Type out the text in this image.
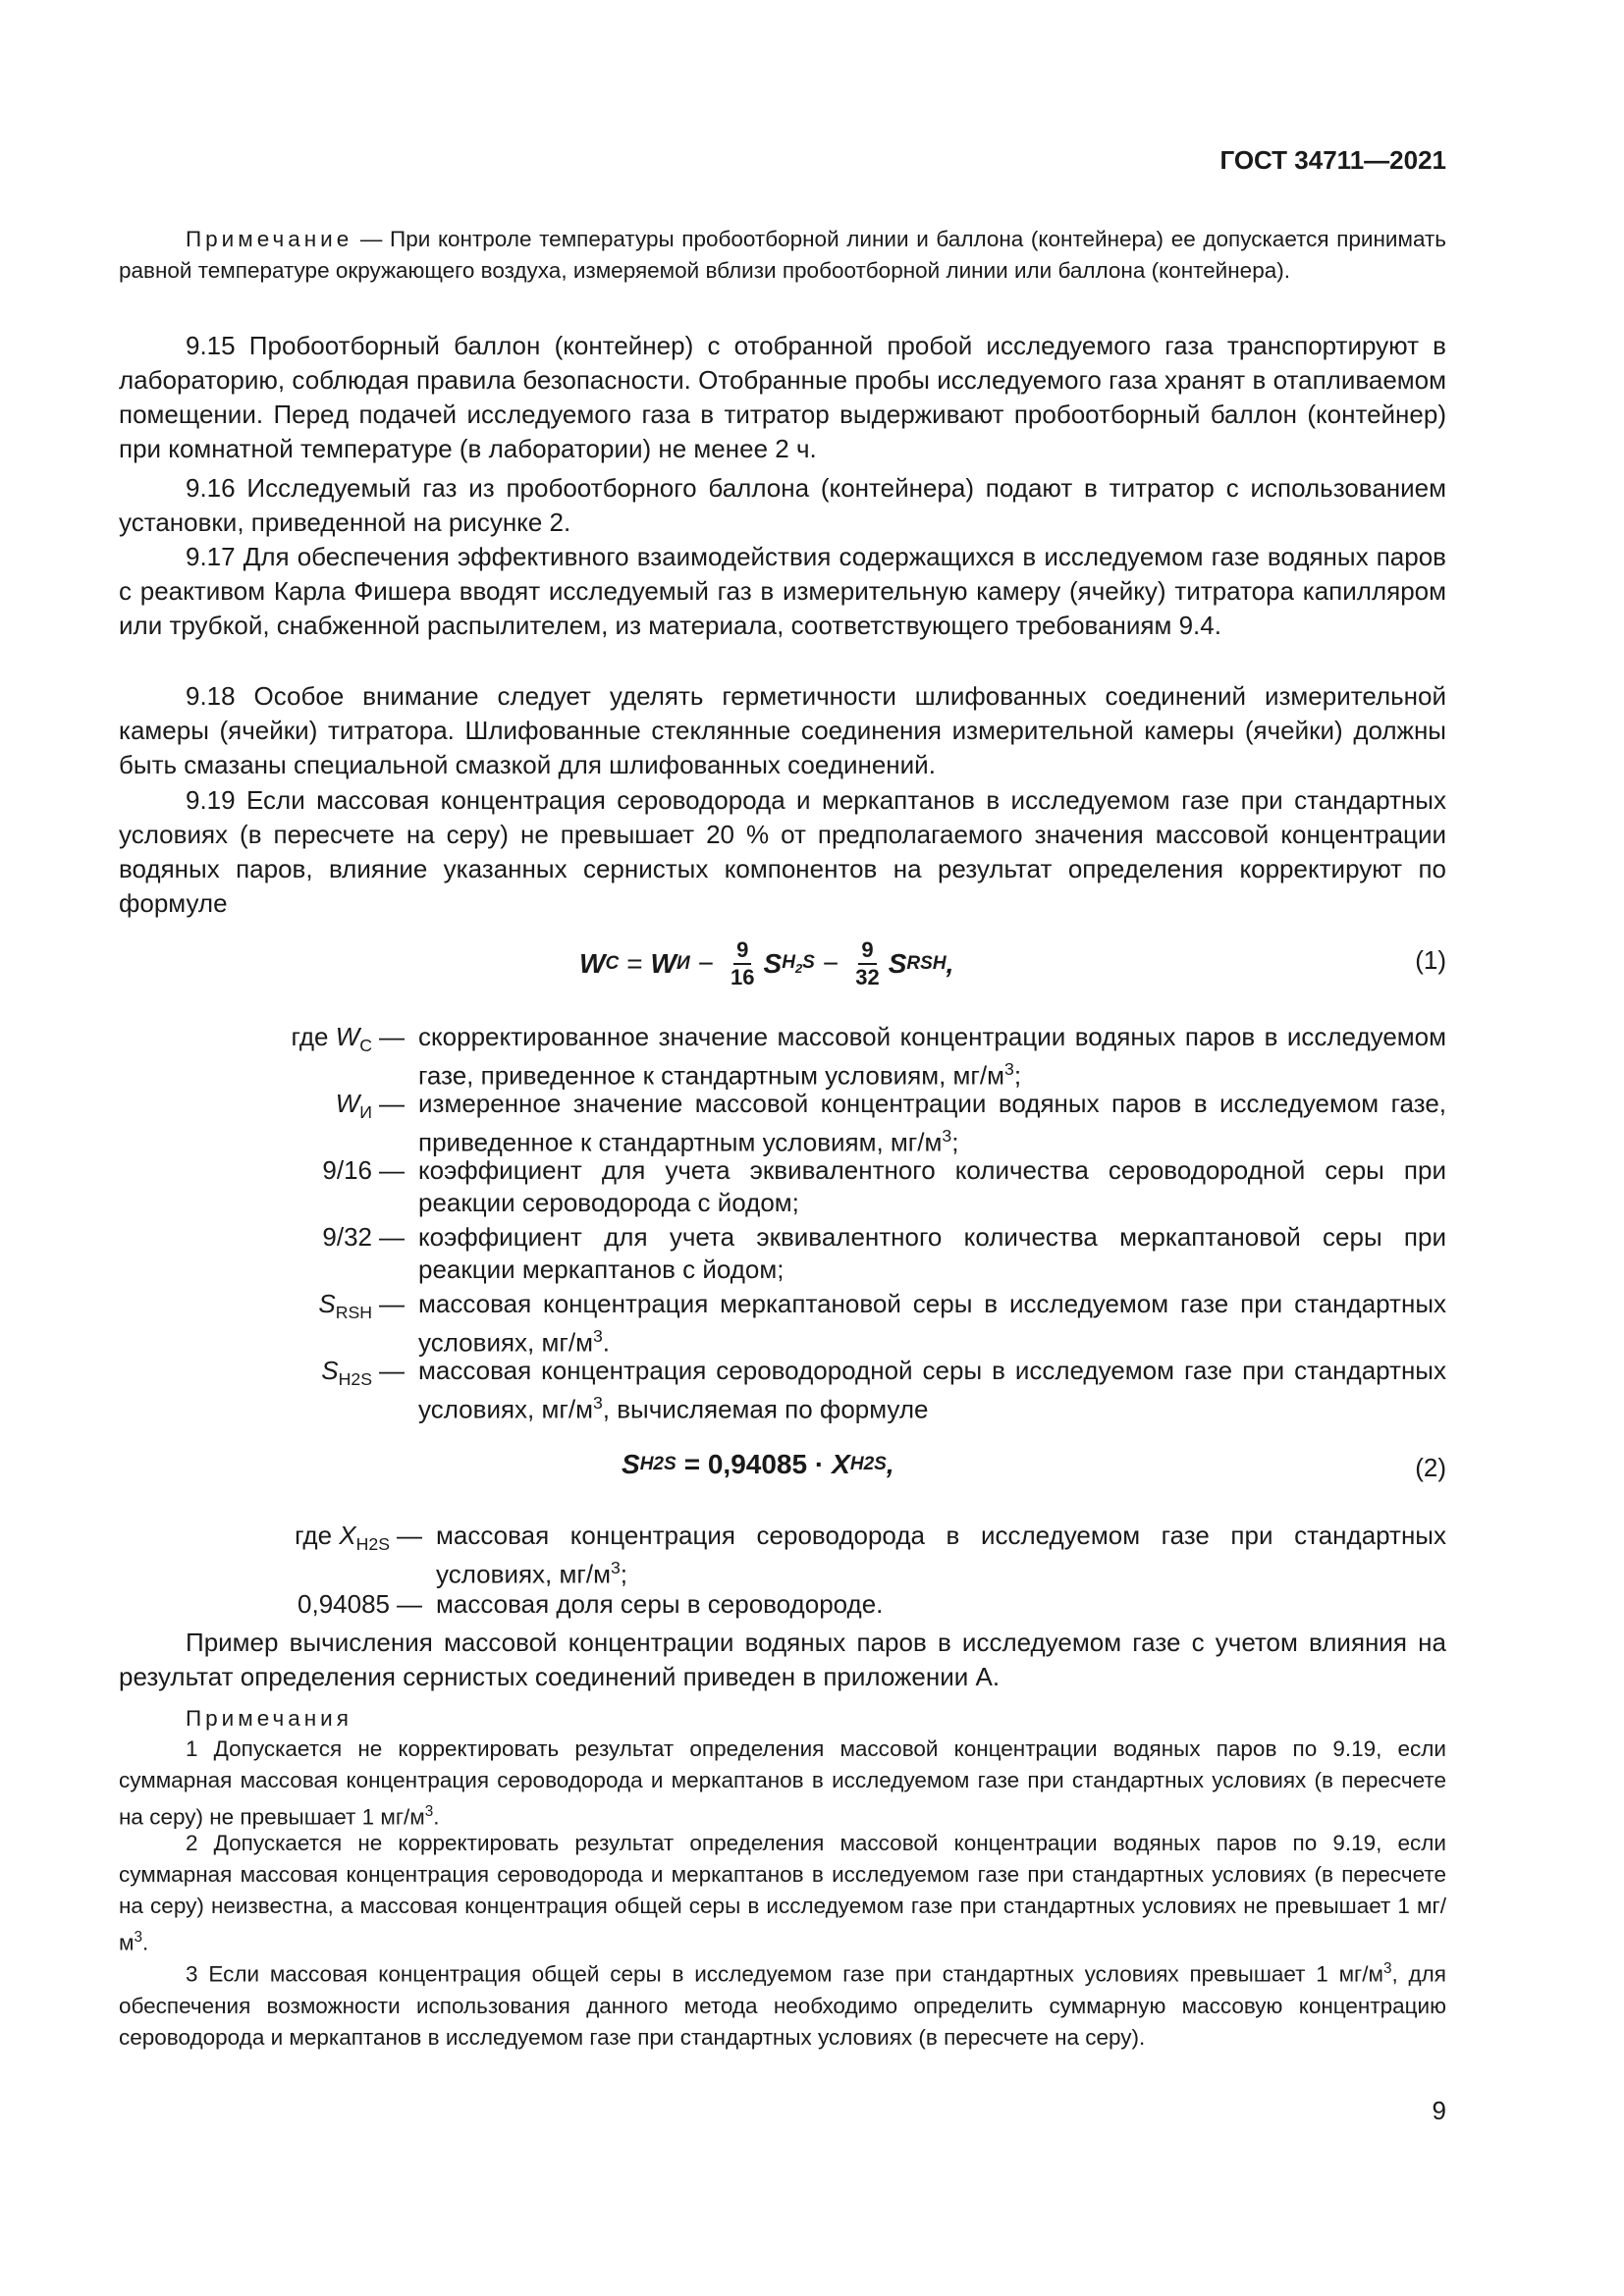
ГОСТ 34711—2021
Примечание — При контроле температуры пробоотборной линии и баллона (контейнера) ее допускается принимать равной температуре окружающего воздуха, измеряемой вблизи пробоотборной линии или баллона (контейнера).
9.15 Пробоотборный баллон (контейнер) с отобранной пробой исследуемого газа транспортируют в лабораторию, соблюдая правила безопасности. Отобранные пробы исследуемого газа хранят в отапливаемом помещении. Перед подачей исследуемого газа в титратор выдерживают пробоотборный баллон (контейнер) при комнатной температуре (в лаборатории) не менее 2 ч.
9.16 Исследуемый газ из пробоотборного баллона (контейнера) подают в титратор с использованием установки, приведенной на рисунке 2.
9.17 Для обеспечения эффективного взаимодействия содержащихся в исследуемом газе водяных паров с реактивом Карла Фишера вводят исследуемый газ в измерительную камеру (ячейку) титратора капилляром или трубкой, снабженной распылителем, из материала, соответствующего требованиям 9.4.
9.18 Особое внимание следует уделять герметичности шлифованных соединений измерительной камеры (ячейки) титратора. Шлифованные стеклянные соединения измерительной камеры (ячейки) должны быть смазаны специальной смазкой для шлифованных соединений.
9.19 Если массовая концентрация сероводорода и меркаптанов в исследуемом газе при стандартных условиях (в пересчете на серу) не превышает 20 % от предполагаемого значения массовой концентрации водяных паров, влияние указанных сернистых компонентов на результат определения корректируют по формуле
W С = W $И - \frac{9}{16}$ S $H_2S - \frac{9}{32}$ S RSH ,	(1)
где $W_С$ — скорректированное значение массовой концентрации водяных паров в исследуемом газе, приведенное к стандартным условиям, $мг/м^3$;
$W_И$ — измеренное значение массовой концентрации водяных паров в исследуемом газе, приведенное к стандартным условиям, $мг/м^3$;
9/16 — коэффициент для учета эквивалентного количества сероводородной серы при реакции сероводорода с йодом;
9/32 — коэффициент для учета эквивалентного количества меркаптановой серы при реакции меркаптанов с йодом;
$S_{RSH}$ — массовая концентрация меркаптановой серы в исследуемом газе при стандартных условиях, $мг/м^3$.
$S_{H2S}$ — массовая концентрация сероводородной серы в исследуемом газе при стандартных условиях, $мг/м^3$, вычисляемая по формуле
S H2S = 0,94085 · X H2S ,	(2)
где $X_{H2S}$ — массовая концентрация сероводорода в исследуемом газе при стандартных условиях, $мг/м^3$;
0,94085 — массовая доля серы в сероводороде.
Пример вычисления массовой концентрации водяных паров в исследуемом газе с учетом влияния на результат определения сернистых соединений приведен в приложении А.
Примечания
1 Допускается не корректировать результат определения массовой концентрации водяных паров по 9.19, если суммарная массовая концентрация сероводорода и меркаптанов в исследуемом газе при стандартных условиях (в пересчете на серу) не превышает 1 $мг/м^3$.
2 Допускается не корректировать результат определения массовой концентрации водяных паров по 9.19, если суммарная массовая концентрация сероводорода и меркаптанов в исследуемом газе при стандартных условиях (в пересчете на серу) неизвестна, а массовая концентрация общей серы в исследуемом газе при стандартных условиях не превышает 1 $мг/м^3$.
3 Если массовая концентрация общей серы в исследуемом газе при стандартных условиях превышает 1 $мг/м^3$, для обеспечения возможности использования данного метода необходимо определить суммарную массовую концентрацию сероводорода и меркаптанов в исследуемом газе при стандартных условиях (в пересчете на серу).
9
